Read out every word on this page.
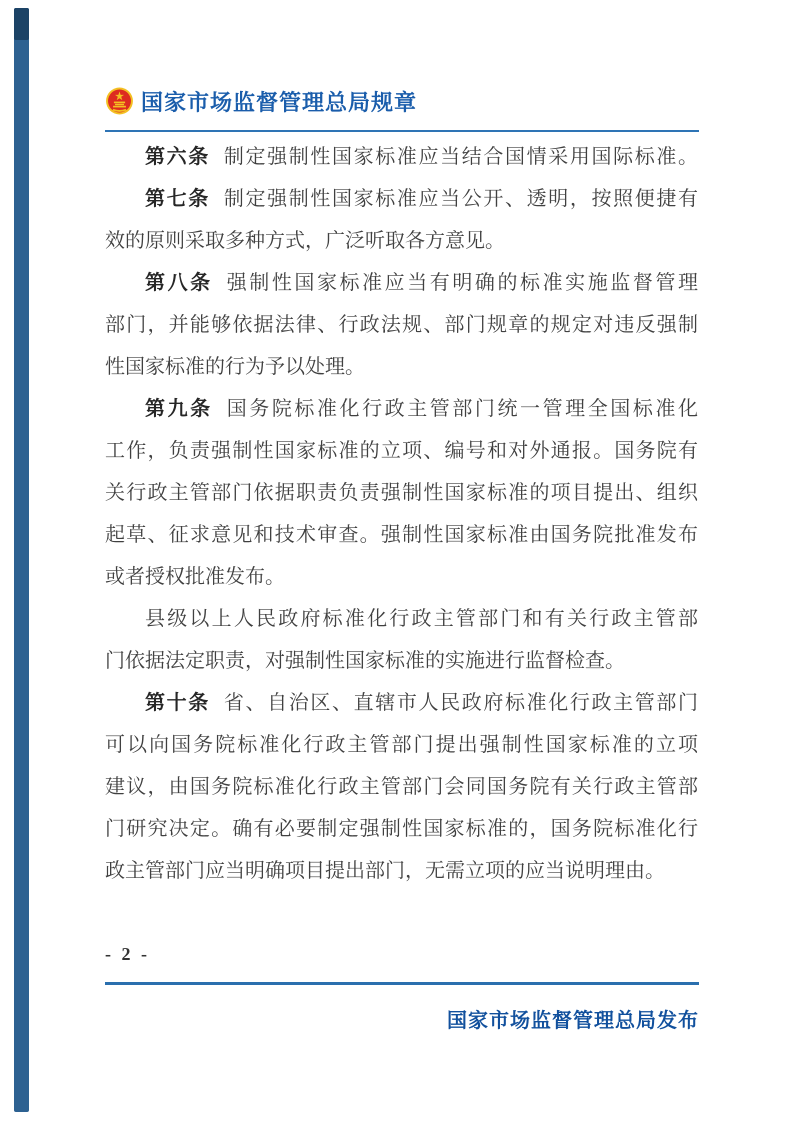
国家市场监督管理总局规章
第六条 制定强制性国家标准应当结合国情采用国际标准。
第七条 制定强制性国家标准应当公开、透明，按照便捷有
效的原则采取多种方式，广泛听取各方意见。
第八条 强制性国家标准应当有明确的标准实施监督管理
部门，并能够依据法律、行政法规、部门规章的规定对违反强制
性国家标准的行为予以处理。
第九条 国务院标准化行政主管部门统一管理全国标准化
工作，负责强制性国家标准的立项、编号和对外通报。国务院有
关行政主管部门依据职责负责强制性国家标准的项目提出、组织
起草、征求意见和技术审查。强制性国家标准由国务院批准发布
或者授权批准发布。
县级以上人民政府标准化行政主管部门和有关行政主管部
门依据法定职责，对强制性国家标准的实施进行监督检查。
第十条 省、自治区、直辖市人民政府标准化行政主管部门
可以向国务院标准化行政主管部门提出强制性国家标准的立项
建议，由国务院标准化行政主管部门会同国务院有关行政主管部
门研究决定。确有必要制定强制性国家标准的，国务院标准化行
政主管部门应当明确项目提出部门，无需立项的应当说明理由。
- 2 -
国家市场监督管理总局发布
